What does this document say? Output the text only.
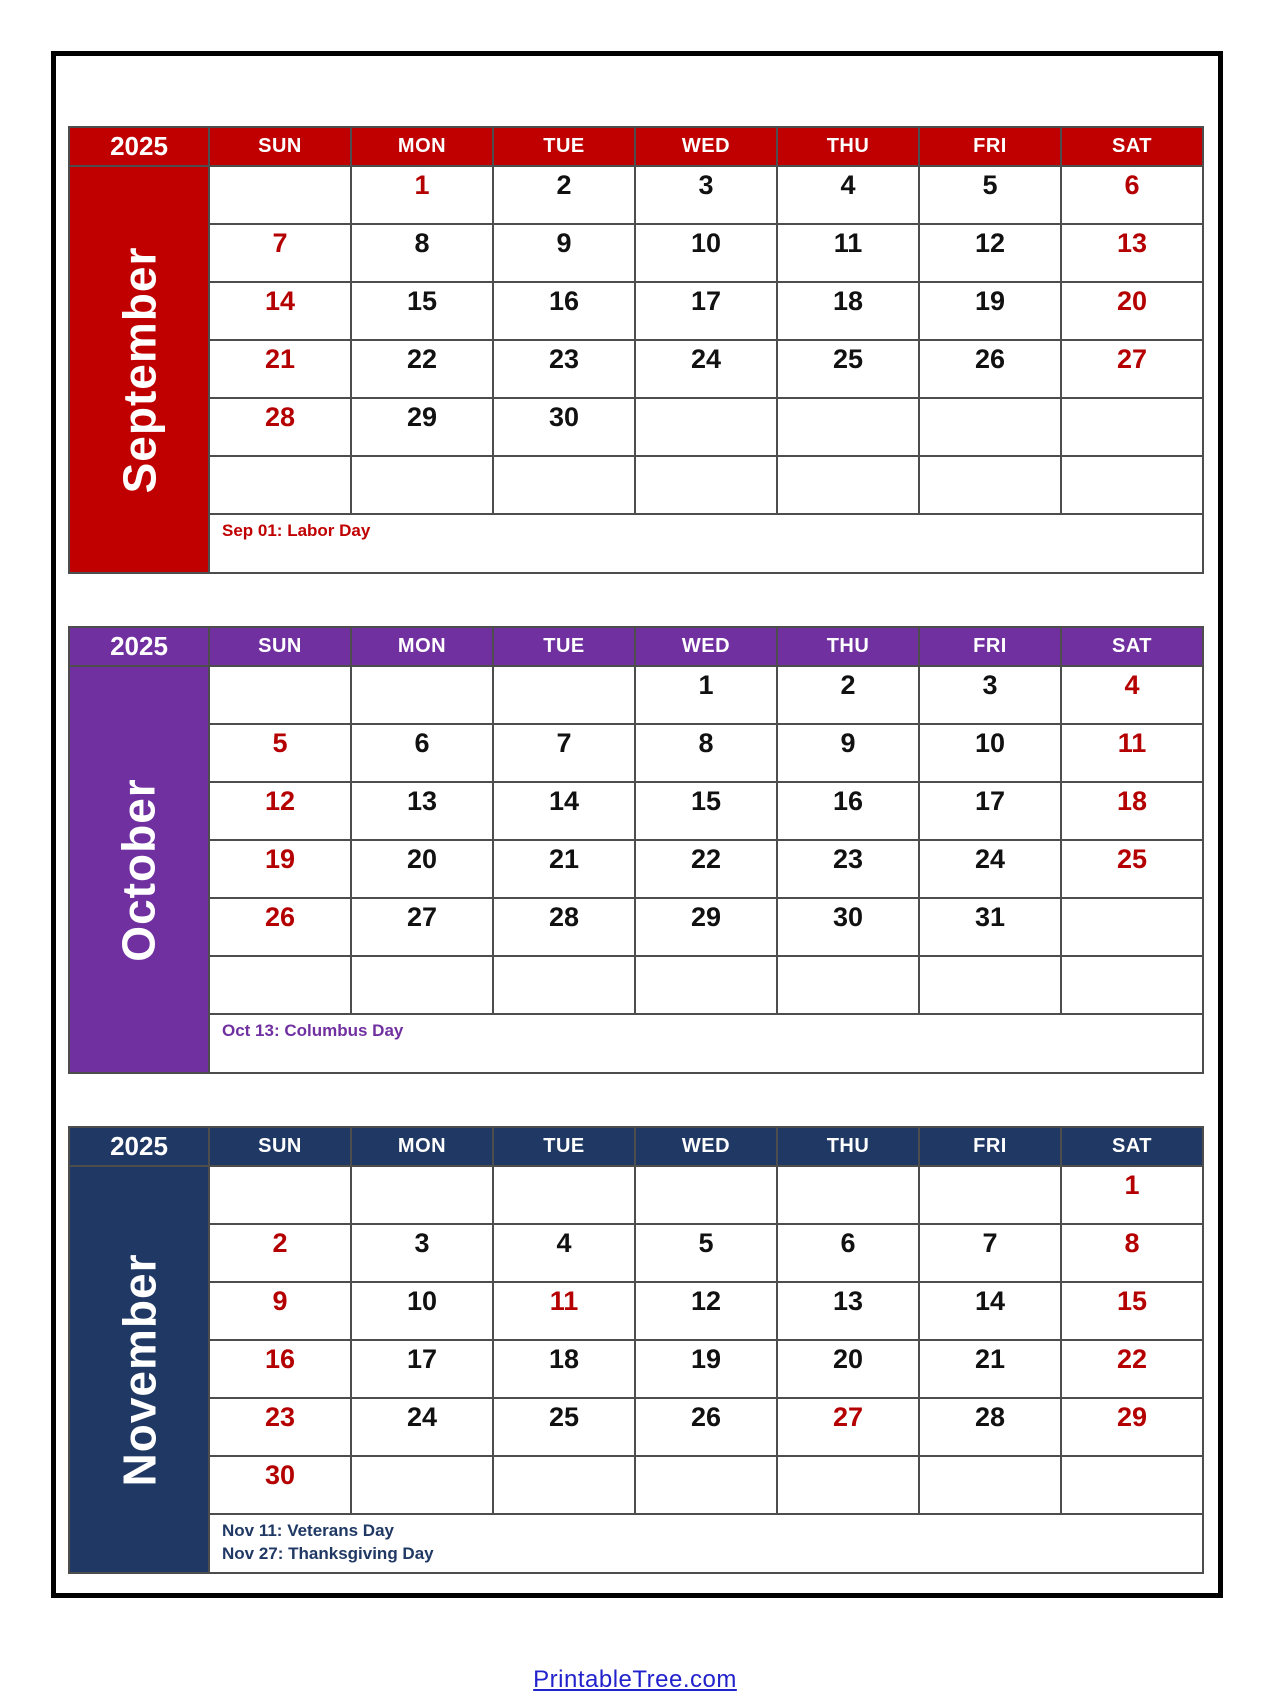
2025	SUN	MON	TUE	WED	THU	FRI	SAT

September		1	2	3	4	5	6
	7	8	9	10	11	12	13
	14	15	16	17	18	19	20
	21	22	23	24	25	26	27
	28	29	30				

	Sep 01: Labor Day						
2025	SUN	MON	TUE	WED	THU	FRI	SAT

October				1	2	3	4
	5	6	7	8	9	10	11
	12	13	14	15	16	17	18
	19	20	21	22	23	24	25
	26	27	28	29	30	31	

	Oct 13: Columbus Day						
2025	SUN	MON	TUE	WED	THU	FRI	SAT

November							1
	2	3	4	5	6	7	8
	9	10	11	12	13	14	15
	16	17	18	19	20	21	22
	23	24	25	26	27	28	29
	30						

	Nov 11: Veterans Day
Nov 27: Thanksgiving Day						
PrintableTree.com
